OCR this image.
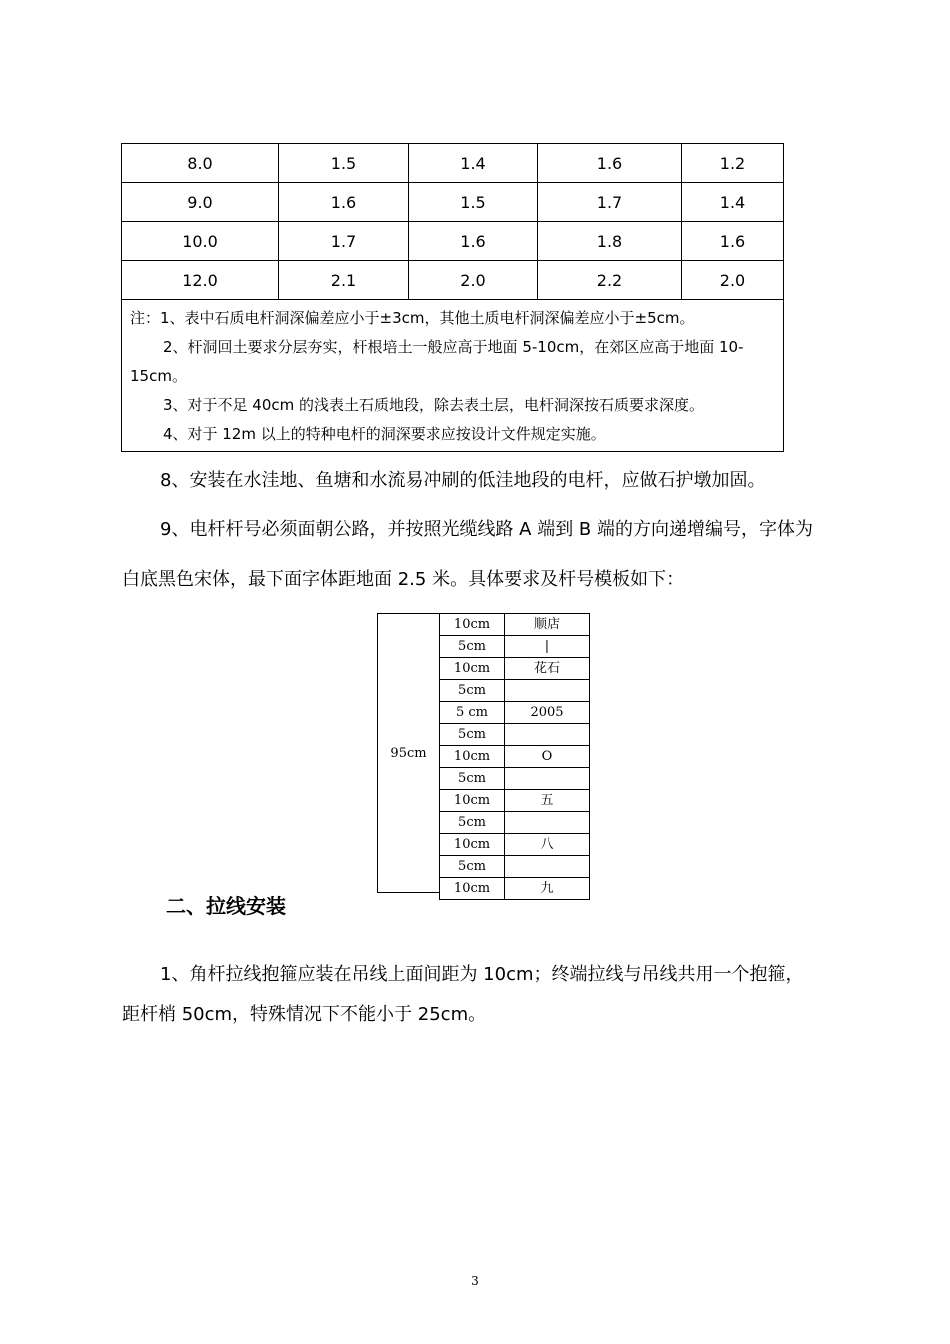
8.0	1.5	1.4	1.6	1.2
9.0	1.6	1.5	1.7	1.4
10.0	1.7	1.6	1.8	1.6
12.0	2.1	2.0	2.2	2.0

注：1、表中石质电杆洞深偏差应小于±3cm，其他土质电杆洞深偏差应小于±5cm。

2、杆洞回土要求分层夯实，杆根培土一般应高于地面 5-10cm，在郊区应高于地面 10-15cm。

3、对于不足 40cm 的浅表土石质地段，除去表土层，电杆洞深按石质要求深度。

4、对于 12m 以上的特种电杆的洞深要求应按设计文件规定实施。				

8、安装在水洼地、鱼塘和水流易冲刷的低洼地段的电杆，应做石护墩加固。

9、电杆杆号必须面朝公路，并按照光缆线路 A 端到 B 端的方向递增编号，字体为

白底黑色宋体，最下面字体距地面 2.5 米。具体要求及杆号模板如下：

95cm
10cm	顺店
5cm	|
10cm	花石
5cm	
5 cm	2005
5cm	
10cm	O
5cm	
10cm	五
5cm	
10cm	八
5cm	
10cm	九
二、拉线安装

1、角杆拉线抱箍应装在吊线上面间距为 10cm；终端拉线与吊线共用一个抱箍，

距杆梢 50cm，特殊情况下不能小于 25cm。

3
